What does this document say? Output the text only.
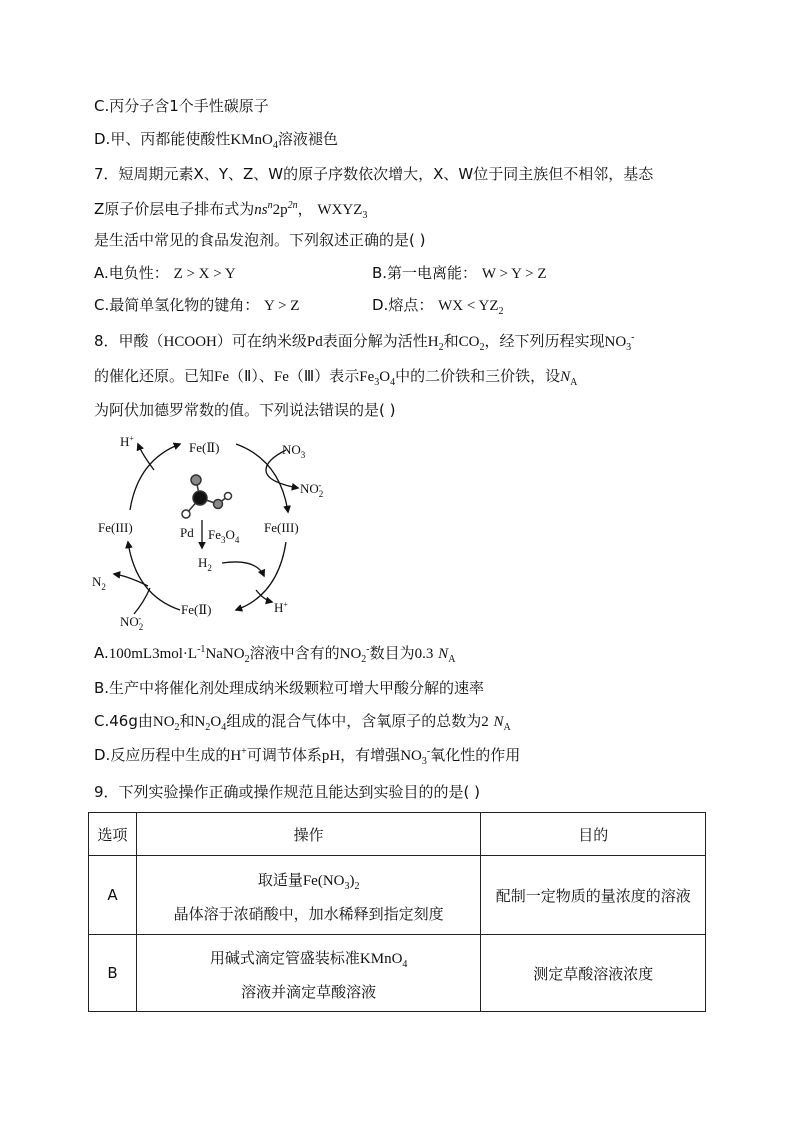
C.丙分子含1个手性碳原子
D.甲、丙都能使酸性KMnO$_4$溶液褪色
7．短周期元素X、Y、Z、W的原子序数依次增大，X、W位于同主族但不相邻，基态
Z原子价层电子排布式为$ns^n2p^{2n}$， $WXYZ_3$
是生活中常见的食品发泡剂。下列叙述正确的是( )
A.电负性： Z > X > Y	B.第一电离能： W > Y > Z
C.最简单氢化物的键角： Y > Z	D.熔点： WX < $YZ_2$
8．甲酸（HCOOH）可在纳米级Pd表面分解为活性$H_2$和$CO_2$，经下列历程实现$NO_3^-$
的催化还原。已知Fe（Ⅱ）、Fe（Ⅲ）表示$Fe_3O_4$中的二价铁和三价铁，设$N_A$
为阿伏加德罗常数的值。下列说法错误的是( )
H+
Fe(Ⅱ)	$NO_3$
$NO_2-$
Fe(III)	Fe(III)
Pd $Fe_3O_4$
$H_2$
$N_2$
H+
Fe(Ⅱ)
$NO_2-$
$A.100mL3mol\cdot L^{-1}NaNO_2$溶液中含有的$NO_2^-$数目为0.3 $N_A$
B.生产中将催化剂处理成纳米级颗粒可增大甲酸分解的速率
C.46g由$NO_2$和$N_2O_4$组成的混合气体中，含氧原子的总数为2 $N_A$
D.反应历程中生成的H+可调节体系pH，有增强$NO_3^-$氧化性的作用
9．下列实验操作正确或操作规范且能达到实验目的的是( )
选项	操作	目的
A	取适量$Fe(NO_3)_2$
晶体溶于浓硝酸中，加水稀释到指定刻度	配制一定物质的量浓度的溶液
B	用碱式滴定管盛装标准KMnO$_4$
溶液并滴定草酸溶液	测定草酸溶液浓度
